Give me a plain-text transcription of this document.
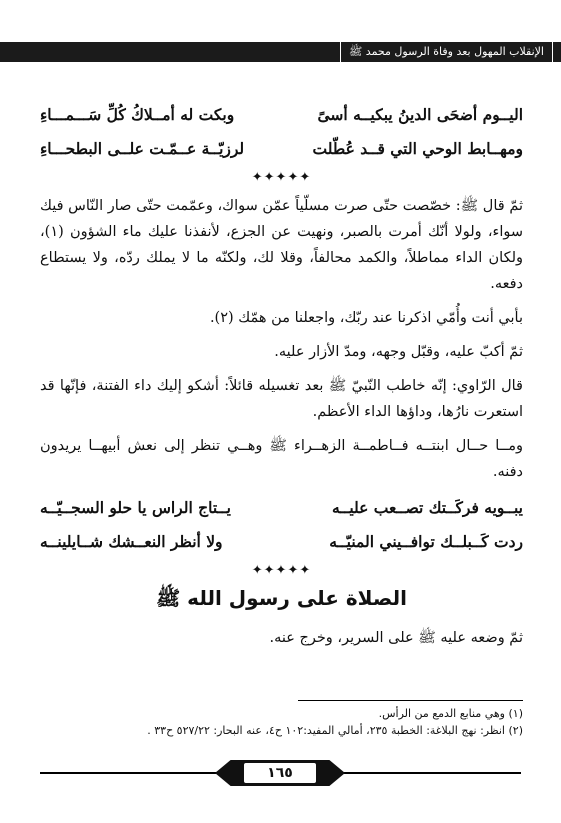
الإنقلاب المهول بعد وفاة الرسول محمد ﷺ
اليــوم أضحَى الدينُ يبكيــه أسىً
وبكت له أمــلاكُ كُلِّ سَـــمـــاءِ
ومهــابط الوحي التي قــد عُطّلت
لرزيّــة عــمّـت علــى البطحـــاءِ
✦✦✦✦✦

ثمّ قال ﷺ: خصّصت حتّى صرت مسلّياً عمّن سواك، وعمّمت حتّى صار النّاس فيك سواء، ولولا أنّك أمرت بالصبر، ونهيت عن الجزع، لأنفذنا عليك ماء الشؤون (١)، ولكان الداء مماطلاً، والكمد محالفاً، وقلا لك، ولكنّه ما لا يملك ردّه، ولا يستطاع دفعه.

بأبي أنت وأُمّي اذكرنا عند ربّك، واجعلنا من همّك (٢).

ثمّ أكبّ عليه، وقبّل وجهه، ومدّ الأزار عليه.

قال الرّاوي: إنّه خاطب النّبيّ ﷺ بعد تغسيله قائلاً: أشكو إليك داء الفتنة، فإنّها قد استعرت نارُها، وداؤها الداء الأعظم.

ومــا حــال ابنتــه فــاطمــة الزهــراء ﷺ وهــي تنظر إلى نعش أبيهــا يريدون دفنه.

يبــويه فركَــتك تصــعب عليــه
يــتاج الراس يا حلو السجــيّــه
ردت كَــبلــك توافــيني المنيّــه
ولا أنظر النعــشك شــايلينــه
✦✦✦✦✦
الصلاة على رسول الله ﷺ

ثمّ وضعه عليه ﷺ على السرير، وخرج عنه.

(١) وهي منابع الدمع من الرأس.
(٢) انظر: نهج البلاغة: الخطبة ٢٣٥، أمالي المفيد:١٠٢ ح٤، عنه البحار: ٥٢٧/٢٢ ح٣٣ .
١٦٥
